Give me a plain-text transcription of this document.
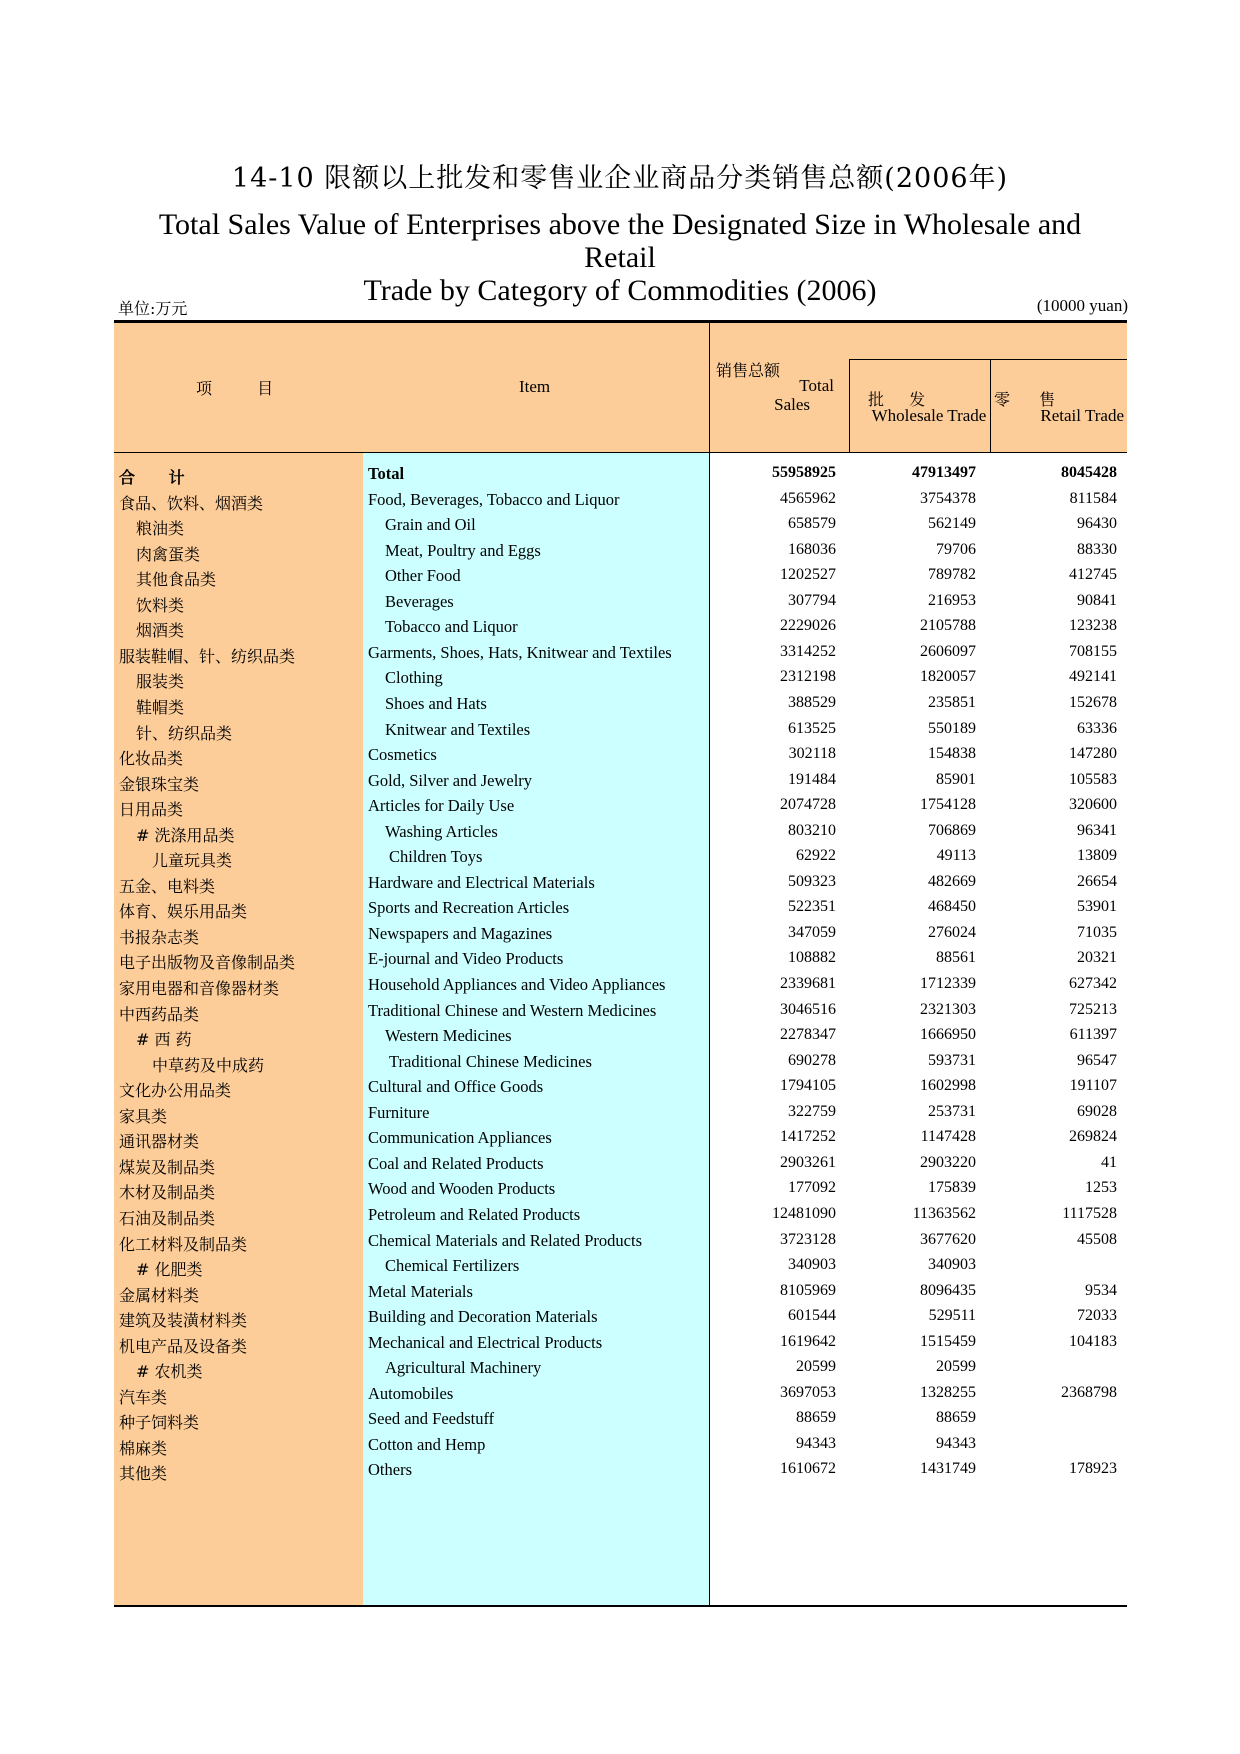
14-10 限额以上批发和零售业企业商品分类销售总额(2006年)
Total Sales Value of Enterprises above the Designated Size in Wholesale and Retail
Trade by Category of Commodities (2006)
单位:万元	(10000 yuan)
项 目	Item
销售总额
Total
Sales	批 发
Wholesale Trade
零 售
Retail Trade
合 计	Total	55958925	47913497	8045428
食品、饮料、烟酒类	Food, Beverages, Tobacco and Liquor	4565962	3754378	811584
粮油类	Grain and Oil	658579	562149	96430
肉禽蛋类	Meat, Poultry and Eggs	168036	79706	88330
其他食品类	Other Food	1202527	789782	412745
饮料类	Beverages	307794	216953	90841
烟酒类	Tobacco and Liquor	2229026	2105788	123238
服装鞋帽、针、纺织品类	Garments, Shoes, Hats, Knitwear and Textiles	3314252	2606097	708155
服装类	Clothing	2312198	1820057	492141
鞋帽类	Shoes and Hats	388529	235851	152678
针、纺织品类	Knitwear and Textiles	613525	550189	63336
化妆品类	Cosmetics	302118	154838	147280
金银珠宝类	Gold, Silver and Jewelry	191484	85901	105583
日用品类	Articles for Daily Use	2074728	1754128	320600
# 洗涤用品类	Washing Articles	803210	706869	96341
儿童玩具类	Children Toys	62922	49113	13809
五金、电料类	Hardware and Electrical Materials	509323	482669	26654
体育、娱乐用品类	Sports and Recreation Articles	522351	468450	53901
书报杂志类	Newspapers and Magazines	347059	276024	71035
电子出版物及音像制品类	E-journal and Video Products	108882	88561	20321
家用电器和音像器材类	Household Appliances and Video Appliances	2339681	1712339	627342
中西药品类	Traditional Chinese and Western Medicines	3046516	2321303	725213
# 西 药	Western Medicines	2278347	1666950	611397
中草药及中成药	Traditional Chinese Medicines	690278	593731	96547
文化办公用品类	Cultural and Office Goods	1794105	1602998	191107
家具类	Furniture	322759	253731	69028
通讯器材类	Communication Appliances	1417252	1147428	269824
煤炭及制品类	Coal and Related Products	2903261	2903220	41
木材及制品类	Wood and Wooden Products	177092	175839	1253
石油及制品类	Petroleum and Related Products	12481090	11363562	1117528
化工材料及制品类	Chemical Materials and Related Products	3723128	3677620	45508
# 化肥类	Chemical Fertilizers	340903	340903
金属材料类	Metal Materials	8105969	8096435	9534
建筑及装潢材料类	Building and Decoration Materials	601544	529511	72033
机电产品及设备类	Mechanical and Electrical Products	1619642	1515459	104183
# 农机类	Agricultural Machinery	20599	20599
汽车类	Automobiles	3697053	1328255	2368798
种子饲料类	Seed and Feedstuff	88659	88659
棉麻类	Cotton and Hemp	94343	94343
其他类	Others	1610672	1431749	178923
